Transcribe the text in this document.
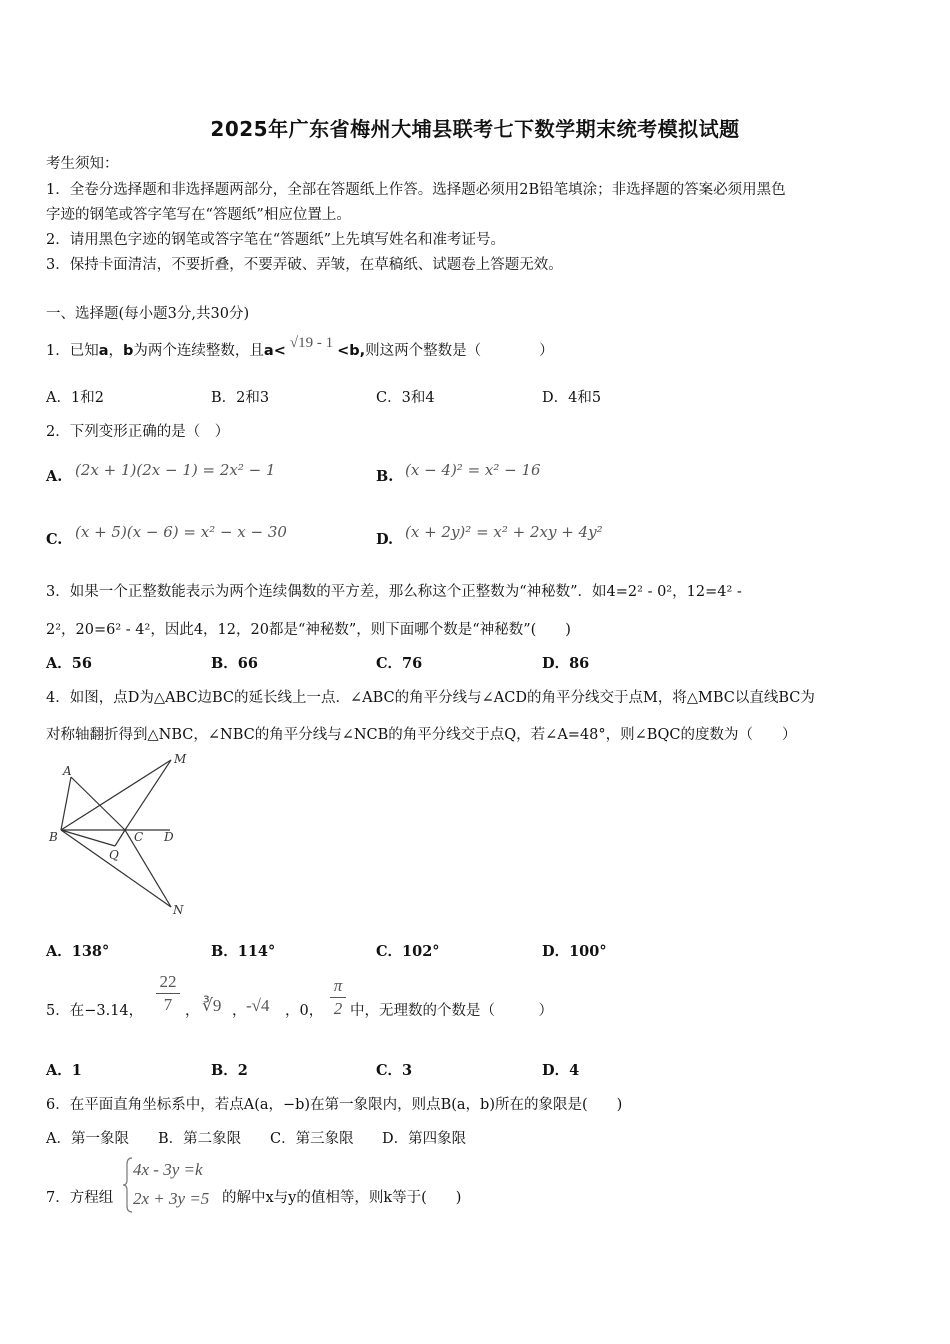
2025年广东省梅州大埔县联考七下数学期末统考模拟试题
考生须知：
1．全卷分选择题和非选择题两部分，全部在答题纸上作答。选择题必须用2B铅笔填涂；非选择题的答案必须用黑色
字迹的钢笔或答字笔写在“答题纸”相应位置上。
2．请用黑色字迹的钢笔或答字笔在“答题纸”上先填写姓名和准考证号。
3．保持卡面清洁，不要折叠，不要弄破、弄皱，在草稿纸、试题卷上答题无效。
一、选择题(每小题3分,共30分)
1．已知a，b为两个连续整数，且a< √19 - 1 <b,则这两个整数是（　　　　）
A．1和2	B．2和3	C．3和4	D．4和5
2．下列变形正确的是（　）
A. (2x + 1)(2x − 1) = 2x² − 1	B. (x − 4)² = x² − 16
C. (x + 5)(x − 6) = x² − x − 30	D. (x + 2y)² = x² + 2xy + 4y²
3．如果一个正整数能表示为两个连续偶数的平方差，那么称这个正整数为“神秘数”．如4=2² - 0²，12=4² -
2²，20=6² - 4²，因此4，12，20都是“神秘数”，则下面哪个数是“神秘数”(　　)
A．56	B．66	C．76	D．86
4．如图，点D为△ABC边BC的延长线上一点．∠ABC的角平分线与∠ACD的角平分线交于点M，将△MBC以直线BC为
对称轴翻折得到△NBC，∠NBC的角平分线与∠NCB的角平分线交于点Q，若∠A=48°，则∠BQC的度数为（　　）
A
M
B	C D
Q
N
A．138°	B．114°	C．102°	D．100°
5．在−3.14，
22
7 ， ∛9 ， -√4 ，0，
π
2 中，无理数的个数是（　　　）
A．1	B．2	C．3	D．4
6．在平面直角坐标系中，若点A(a，−b)在第一象限内，则点B(a，b)所在的象限是(　　)
A．第一象限 B．第二象限 C．第三象限 D．第四象限
7．方程组
4x - 3y =k
2x + 3y =5 的解中x与y的值相等，则k等于(　　)
